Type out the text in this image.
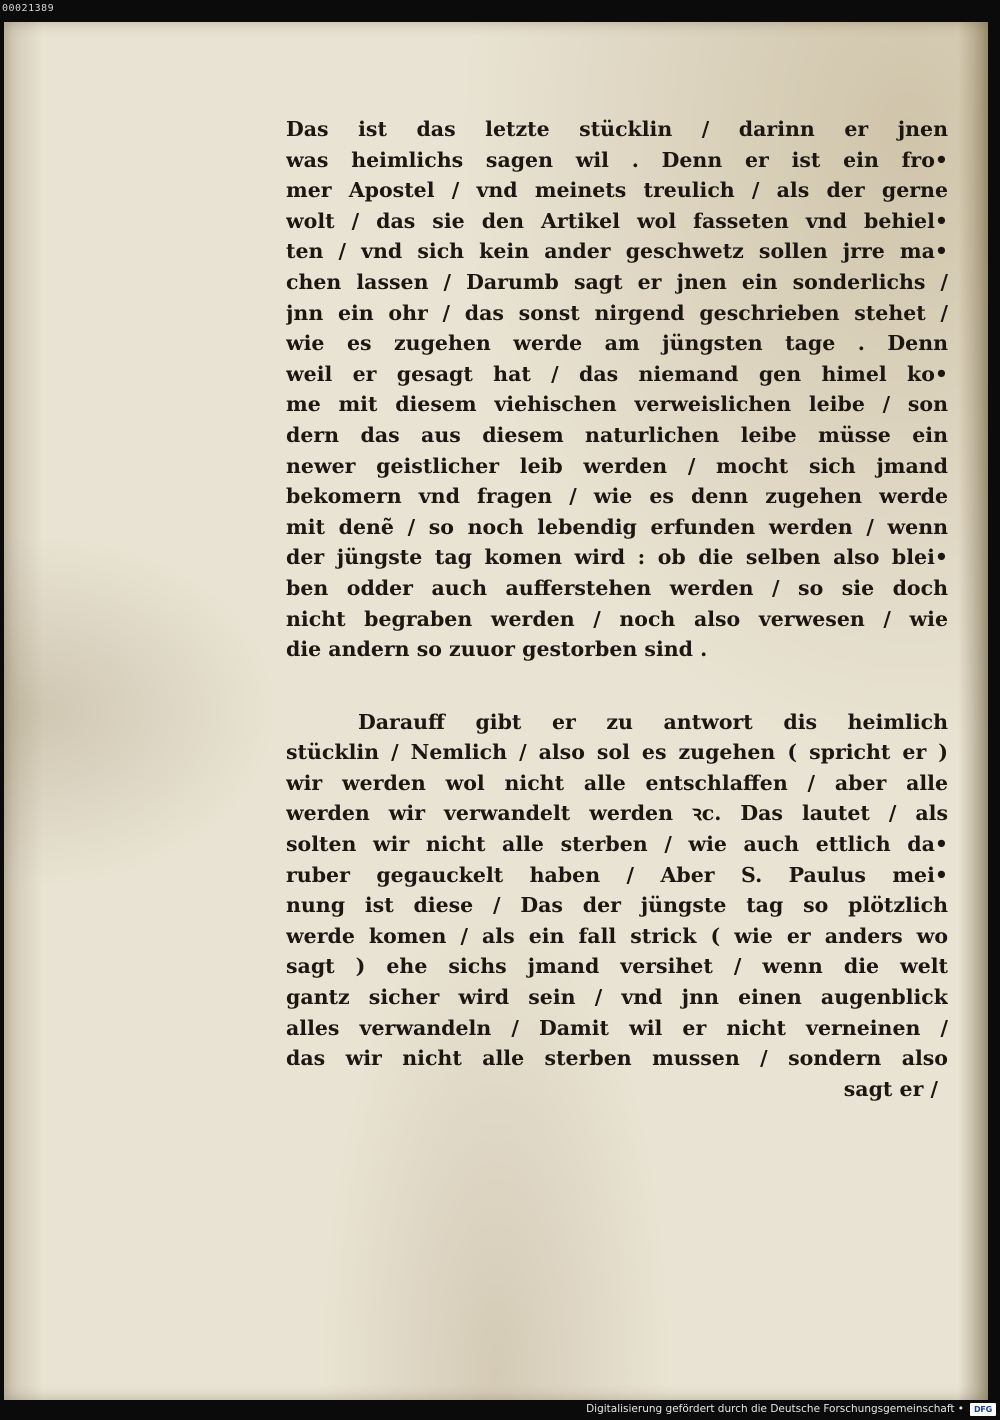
00021389
Das ist das letzte stücklin / darinn er jnen
was heimlichs sagen wil . Denn er ist ein fro•
mer Apostel / vnd meinets treulich / als der gerne
wolt / das sie den Artikel wol fasseten vnd behiel•
ten / vnd sich kein ander geschwetz sollen jrre ma•
chen lassen / Darumb sagt er jnen ein sonderlichs /
jnn ein ohr / das sonst nirgend geschrieben stehet /
wie es zugehen werde am jüngsten tage . Denn
weil er gesagt hat / das niemand gen himel ko•
me mit diesem viehischen verweislichen leibe / son
dern das aus diesem naturlichen leibe müsse ein
newer geistlicher leib werden / mocht sich jmand
bekomern vnd fragen / wie es denn zugehen werde
mit denẽ / so noch lebendig erfunden werden / wenn
der jüngste tag komen wird : ob die selben also blei•
ben odder auch aufferstehen werden / so sie doch
nicht begraben werden / noch also verwesen / wie
die andern so zuuor gestorben sind .
Darauff gibt er zu antwort dis heimlich
stücklin / Nemlich / also sol es zugehen ( spricht er )
wir werden wol nicht alle entschlaffen / aber alle
werden wir verwandelt werden ꝛc. Das lautet / als
solten wir nicht alle sterben / wie auch ettlich da•
ruber gegauckelt haben / Aber S. Paulus mei•
nung ist diese / Das der jüngste tag so plötzlich
werde komen / als ein fall strick ( wie er anders wo
sagt ) ehe sichs jmand versihet / wenn die welt
gantz sicher wird sein / vnd jnn einen augenblick
alles verwandeln / Damit wil er nicht verneinen /
das wir nicht alle sterben mussen / sondern also
sagt er /
Digitalisierung gefördert durch die Deutsche Forschungsgemeinschaft •	DFG
